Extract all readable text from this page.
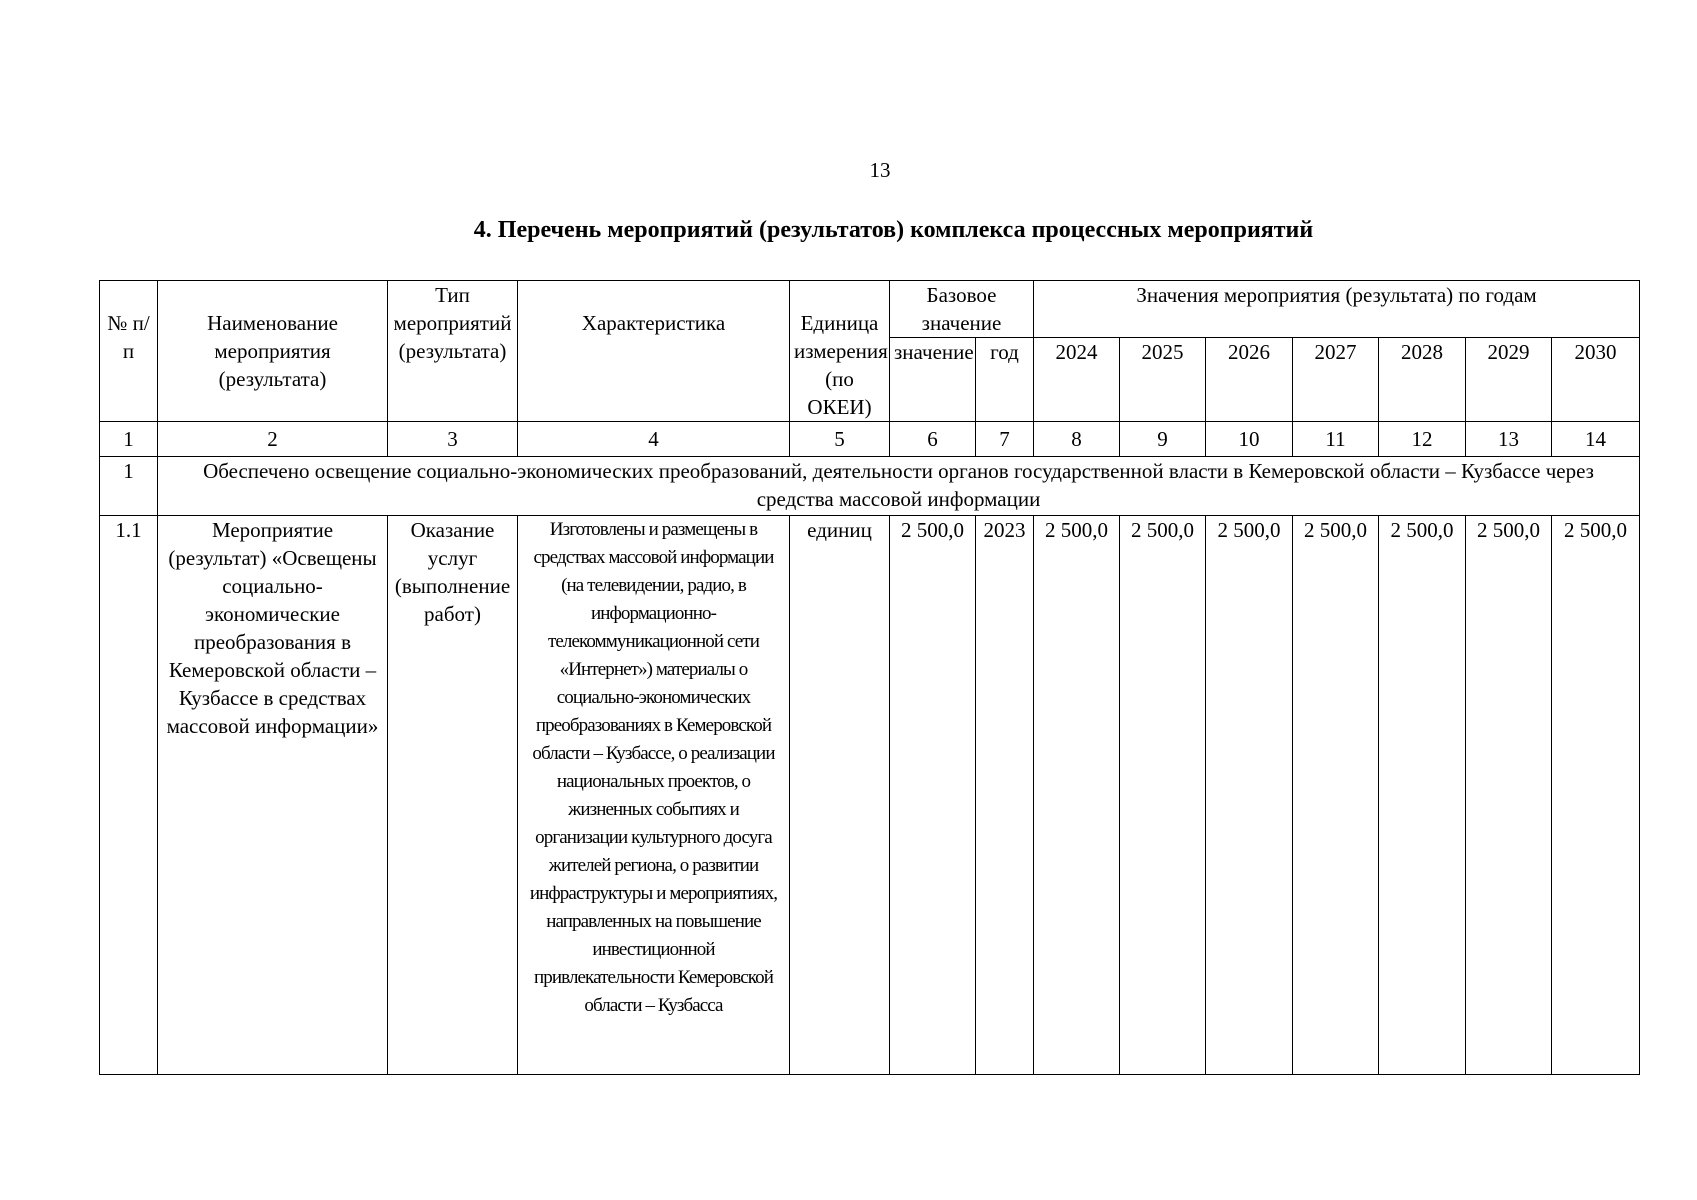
13
4. Перечень мероприятий (результатов) комплекса процессных мероприятий
№ п/п	Наименование мероприятия (результата)	Тип мероприятий (результата)	Характеристика	Единица измерения (по ОКЕИ)	Базовое значение		Значения мероприятия (результата) по годам						
					значение	год	2024	2025	2026	2027	2028	2029	2030
1	2	3	4	5	6	7	8	9	10	11	12	13	14
1	Обеспечено освещение социально-экономических преобразований, деятельности органов государственной власти в Кемеровской области – Кузбассе через средства массовой информации												
1.1	Мероприятие (результат) «Освещены социально-экономические преобразования в Кемеровской области – Кузбассе в средствах массовой информации»	Оказание услуг (выполнение работ)	Изготовлены и размещены в средствах массовой информации (на телевидении, радио, в информационно-телекоммуникационной сети «Интернет») материалы о социально-экономических преобразованиях в Кемеровской области – Кузбассе, о реализации национальных проектов, о жизненных событиях и организации культурного досуга жителей региона, о развитии инфраструктуры и мероприятиях, направленных на повышение инвестиционной привлекательности Кемеровской области – Кузбасса	единиц	2 500,0	2023	2 500,0	2 500,0	2 500,0	2 500,0	2 500,0	2 500,0	2 500,0
